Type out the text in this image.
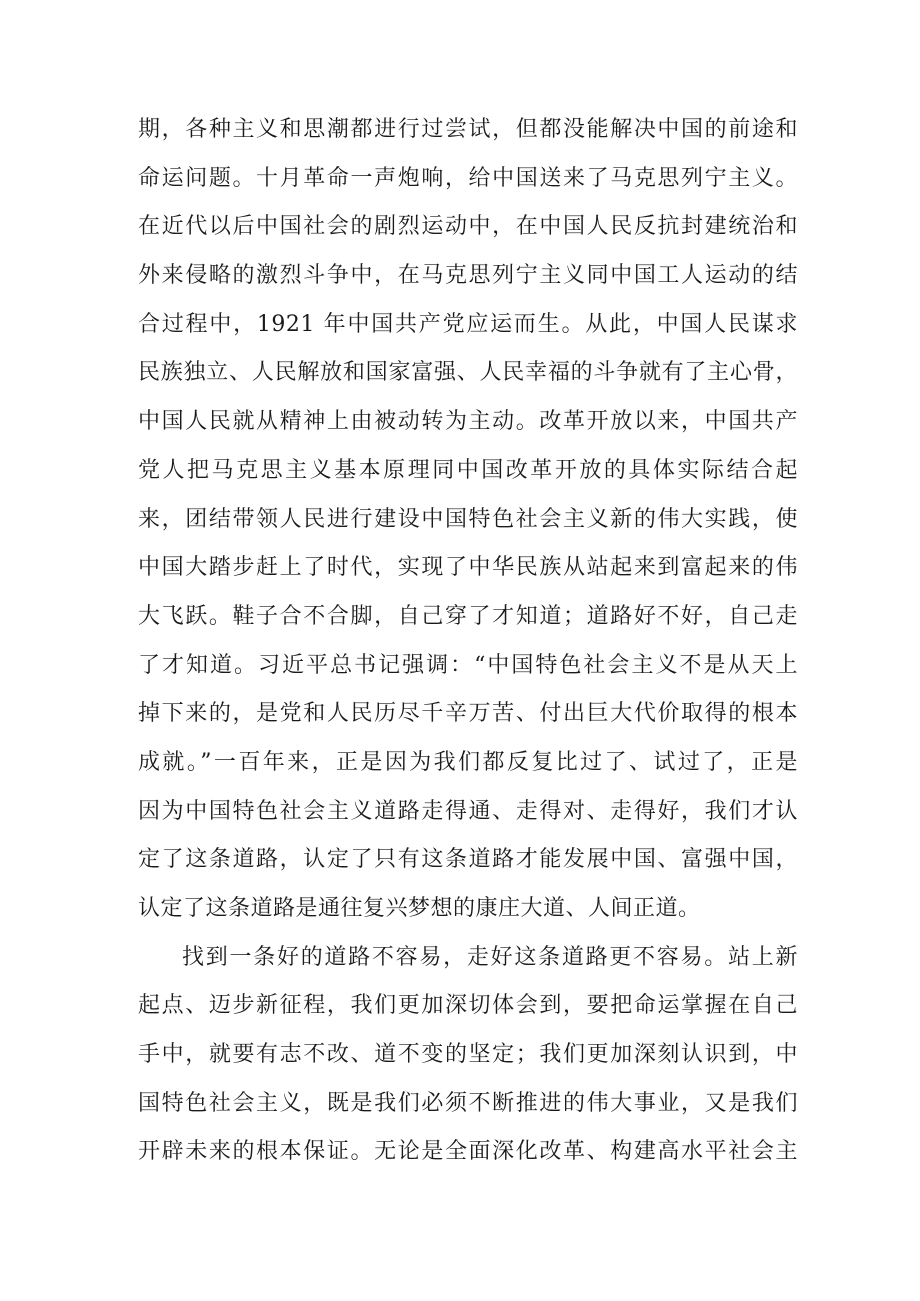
期，各种主义和思潮都进行过尝试，但都没能解决中国的前途和
命运问题。十月革命一声炮响，给中国送来了马克思列宁主义。
在近代以后中国社会的剧烈运动中，在中国人民反抗封建统治和
外来侵略的激烈斗争中，在马克思列宁主义同中国工人运动的结
合过程中，1921 年中国共产党应运而生。从此，中国人民谋求
民族独立、人民解放和国家富强、人民幸福的斗争就有了主心骨，
中国人民就从精神上由被动转为主动。改革开放以来，中国共产
党人把马克思主义基本原理同中国改革开放的具体实际结合起
来，团结带领人民进行建设中国特色社会主义新的伟大实践，使
中国大踏步赶上了时代，实现了中华民族从站起来到富起来的伟
大飞跃。鞋子合不合脚，自己穿了才知道；道路好不好，自己走
了才知道。习近平总书记强调：“中国特色社会主义不是从天上
掉下来的，是党和人民历尽千辛万苦、付出巨大代价取得的根本
成就。”一百年来，正是因为我们都反复比过了、试过了，正是
因为中国特色社会主义道路走得通、走得对、走得好，我们才认
定了这条道路，认定了只有这条道路才能发展中国、富强中国，
认定了这条道路是通往复兴梦想的康庄大道、人间正道。
找到一条好的道路不容易，走好这条道路更不容易。站上新
起点、迈步新征程，我们更加深切体会到，要把命运掌握在自己
手中，就要有志不改、道不变的坚定；我们更加深刻认识到，中
国特色社会主义，既是我们必须不断推进的伟大事业，又是我们
开辟未来的根本保证。无论是全面深化改革、构建高水平社会主
